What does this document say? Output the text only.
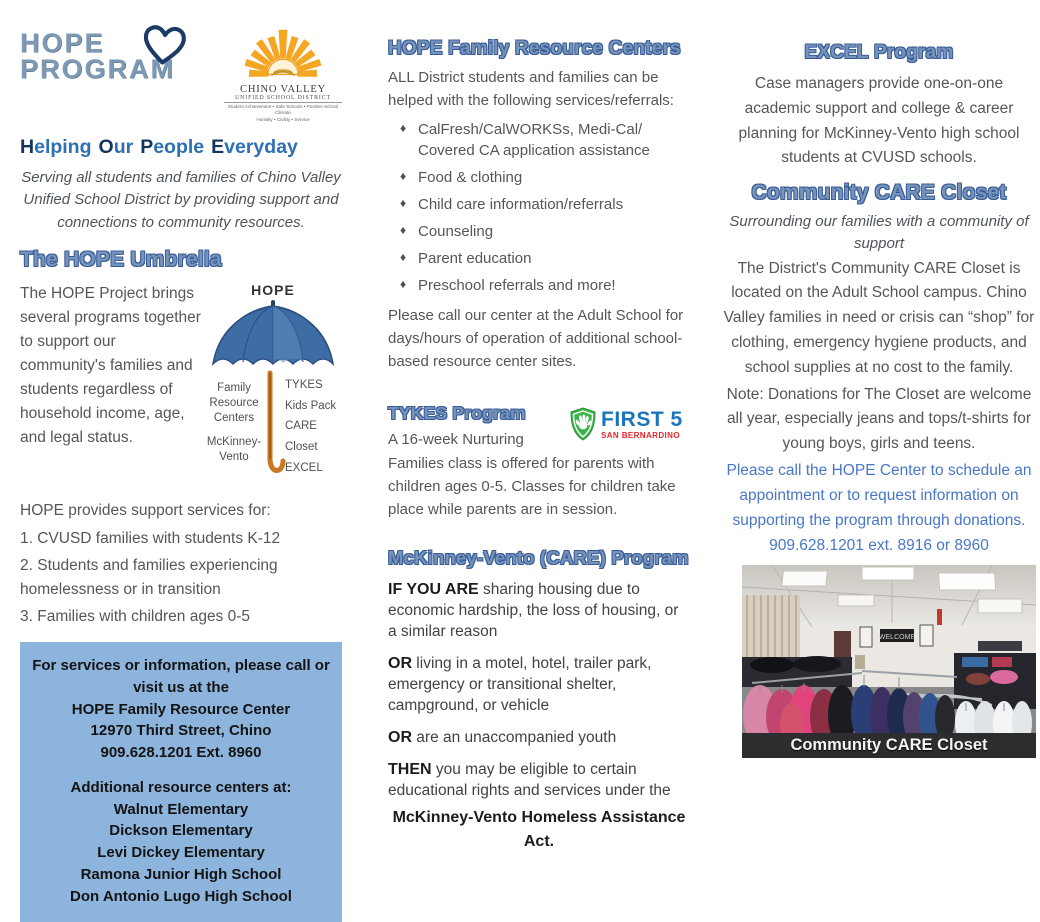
HOPE
PROGRAM
CHINO VALLEY
UNIFIED SCHOOL DISTRICT
Student Achievement • Safe Schools • Positive School Climate
Humility • Civility • Service
Helping Our People Everyday
Serving all students and families of Chino Valley Unified School District by providing support and connections to community resources.
The HOPE Umbrella
The HOPE Project brings several programs together to support our community's families and students regardless of household income, age, and legal status.
HOPE
Family Resource Centers
McKinney-Vento
TYKES
Kids Pack
CARE
Closet
EXCEL
HOPE provides support services for:
1. CVUSD families with students K-12
2. Students and families experiencing homelessness or in transition
3. Families with children ages 0-5
For services or information, please call or visit us at the
HOPE Family Resource Center
12970 Third Street, Chino
909.628.1201 Ext. 8960
Additional resource centers at:
Walnut Elementary
Dickson Elementary
Levi Dickey Elementary
Ramona Junior High School
Don Antonio Lugo High School
HOPE Family Resource Centers
ALL District students and families can be helped with the following services/referrals:
♦ CalFresh/CalWORKSs, Medi-Cal/ Covered CA application assistance
♦ Food & clothing
♦ Child care information/referrals
♦ Counseling
♦ Parent education
♦ Preschool referrals and more!
Please call our center at the Adult School for days/hours of operation of additional school-based resource center sites.
FIRST 5
SAN BERNARDINO
TYKES Program
A 16-week Nurturing Families class is offered for parents with children ages 0-5. Classes for children take place while parents are in session.
McKinney-Vento (CARE) Program

IF YOU ARE sharing housing due to economic hardship, the loss of housing, or a similar reason

OR living in a motel, hotel, trailer park, emergency or transitional shelter, campground, or vehicle

OR are an unaccompanied youth

THEN you may be eligible to certain educational rights and services under the

McKinney-Vento Homeless Assistance Act.
EXCEL Program
Case managers provide one-on-one academic support and college & career planning for McKinney-Vento high school students at CVUSD schools.
Community CARE Closet
Surrounding our families with a community of support
The District's Community CARE Closet is located on the Adult School campus. Chino Valley families in need or crisis can “shop” for clothing, emergency hygiene products, and school supplies at no cost to the family.
Note: Donations for The Closet are welcome all year, especially jeans and tops/t-shirts for young boys, girls and teens.
Please call the HOPE Center to schedule an appointment or to request information on supporting the program through donations.
909.628.1201 ext. 8916 or 8960
WELCOME
Community CARE Closet
